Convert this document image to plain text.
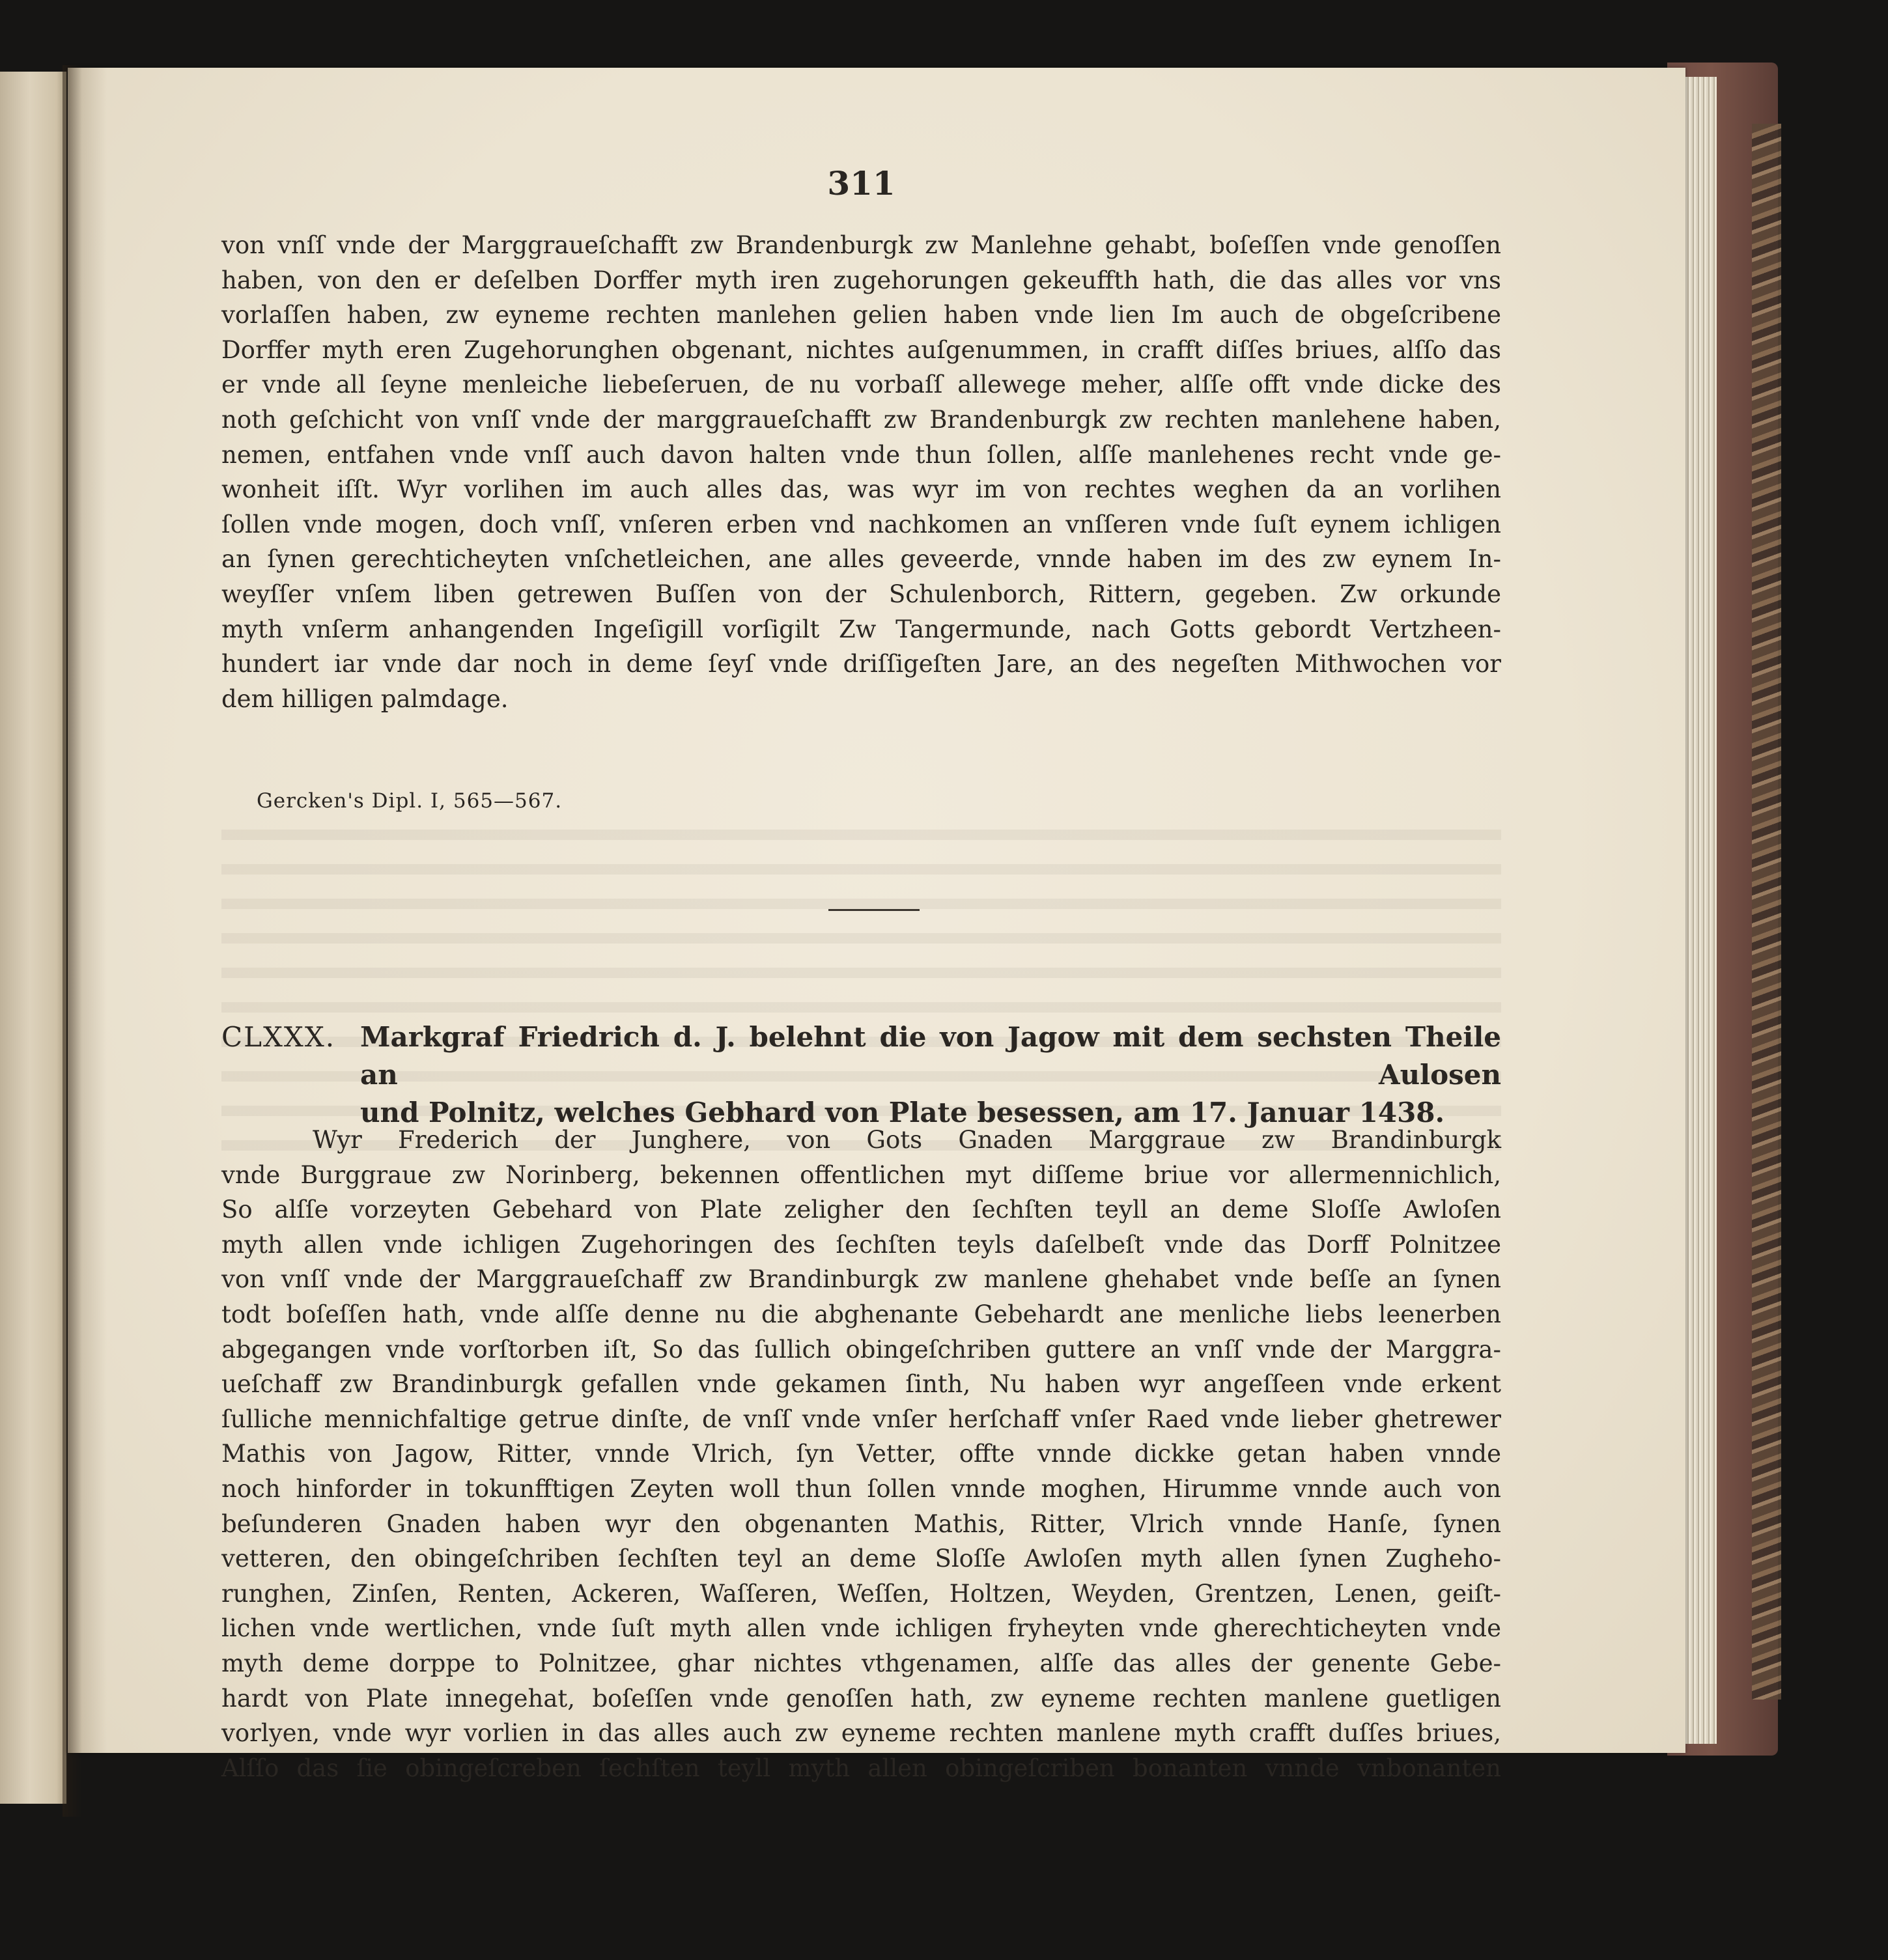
311

von vnſſ vnde der Marggraueſchafft zw Brandenburgk zw Manlehne gehabt, boſeſſen vnde genoſſen

haben, von den er deſelben Dorffer myth iren zugehorungen gekeuffth hath, die das alles vor vns

vorlaſſen haben, zw eyneme rechten manlehen gelien haben vnde lien Im auch de obgeſcribene

Dorffer myth eren Zugehorunghen obgenant, nichtes auſgenummen, in crafft diſſes briues, alſſo das

er vnde all ſeyne menleiche liebeſeruen, de nu vorbaſſ allewege meher, alſſe offt vnde dicke des

noth geſchicht von vnſſ vnde der marggraueſchafft zw Brandenburgk zw rechten manlehene haben,

nemen, entfahen vnde vnſſ auch davon halten vnde thun ſollen, alſſe manlehenes recht vnde ge-

wonheit iſſt. Wyr vorlihen im auch alles das, was wyr im von rechtes weghen da an vorlihen

ſollen vnde mogen, doch vnſſ, vnſeren erben vnd nachkomen an vnſſeren vnde ſuſt eynem ichligen

an ſynen gerechticheyten vnſchetleichen, ane alles geveerde, vnnde haben im des zw eynem In-

weyſſer vnſem liben getrewen Buſſen von der Schulenborch, Rittern, gegeben. Zw orkunde

myth vnſerm anhangenden Ingeſigill vorſigilt Zw Tangermunde, nach Gotts gebordt Vertzheen-

hundert iar vnde dar noch in deme ſeyſ vnde driſſigeſten Jare, an des negeſten Mithwochen vor

dem hilligen palmdage.

Gercken's Dipl. I, 565—567.
CLXXX. Markgraf Friedrich d. J. belehnt die von Jagow mit dem sechsten Theile an Aulosen
und Polnitz, welches Gebhard von Plate besessen, am 17. Januar 1438.

Wyr Frederich der Junghere, von Gots Gnaden Marggraue zw Brandinburgk

vnde Burggraue zw Norinberg, bekennen offentlichen myt diſſeme briue vor allermennichlich,

So alſſe vorzeyten Gebehard von Plate zeligher den ſechſten teyll an deme Sloſſe Awloſen

myth allen vnde ichligen Zugehoringen des ſechſten teyls daſelbeſt vnde das Dorff Polnitzee

von vnſſ vnde der Marggraueſchaff zw Brandinburgk zw manlene ghehabet vnde beſſe an ſynen

todt boſeſſen hath, vnde alſſe denne nu die abghenante Gebehardt ane menliche liebs leenerben

abgegangen vnde vorſtorben iſt, So das ſullich obingeſchriben guttere an vnſſ vnde der Marggra-

ueſchaff zw Brandinburgk gefallen vnde gekamen ſinth, Nu haben wyr angeſſeen vnde erkent

ſulliche mennichfaltige getrue dinſte, de vnſſ vnde vnſer herſchaff vnſer Raed vnde lieber ghetrewer

Mathis von Jagow, Ritter, vnnde Vlrich, ſyn Vetter, offte vnnde dickke getan haben vnnde

noch hinforder in tokunfftigen Zeyten woll thun ſollen vnnde moghen, Hirumme vnnde auch von

beſunderen Gnaden haben wyr den obgenanten Mathis, Ritter, Vlrich vnnde Hanſe, ſynen

vetteren, den obingeſchriben ſechſten teyl an deme Sloſſe Awloſen myth allen ſynen Zugheho-

runghen, Zinſen, Renten, Ackeren, Waſſeren, Weſſen, Holtzen, Weyden, Grentzen, Lenen, geiſt-

lichen vnde wertlichen, vnde ſuſt myth allen vnde ichligen fryheyten vnde gherechticheyten vnde

myth deme dorppe to Polnitzee, ghar nichtes vthgenamen, alſſe das alles der genente Gebe-

hardt von Plate innegehat, boſeſſen vnde genoſſen hath, zw eyneme rechten manlene guetligen

vorlyen, vnde wyr vorlien in das alles auch zw eyneme rechten manlene myth crafft duſſes briues,

Alſſo das ſie obingeſcreben ſechſten teyll myth allen obingeſcriben bonanten vnnde vnbonanten
